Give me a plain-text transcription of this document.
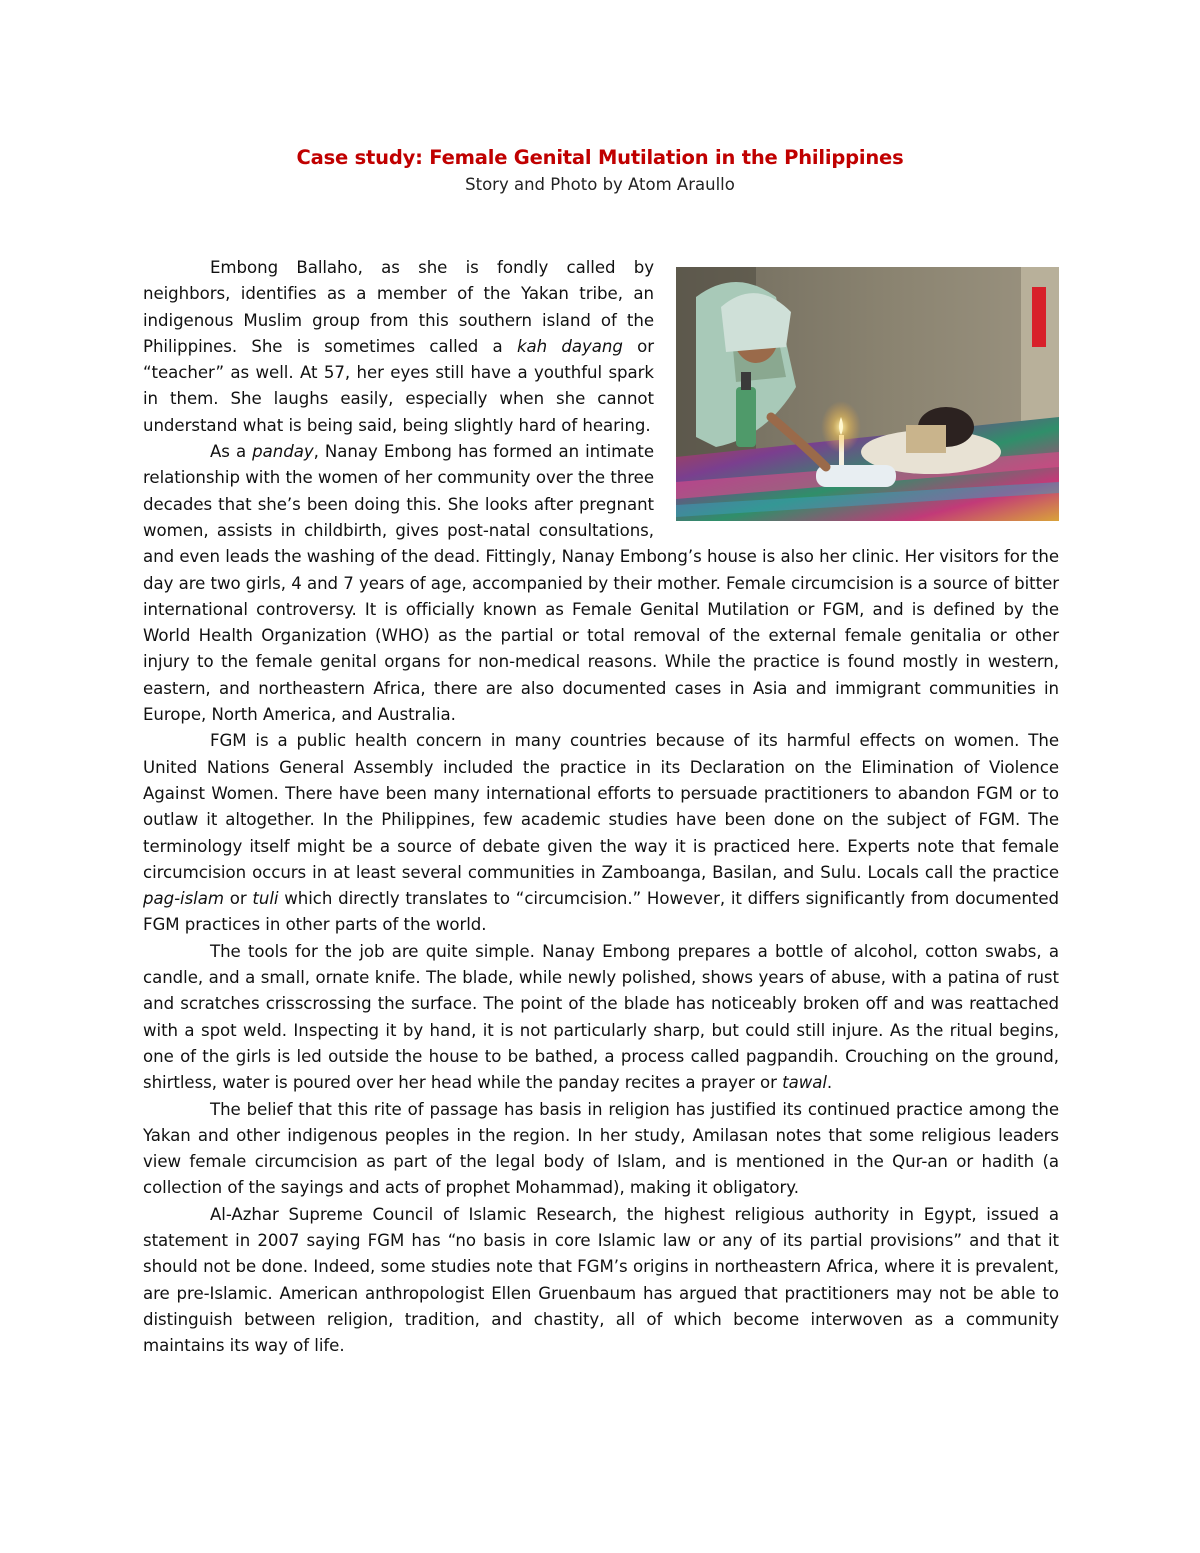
Case study: Female Genital Mutilation in the Philippines
Story and Photo by Atom Araullo

Embong Ballaho, as she is fondly called by neighbors, identifies as a member of the Yakan tribe, an indigenous Muslim group from this southern island of the Philippines. She is sometimes called a kah dayang or “teacher” as well. At 57, her eyes still have a youthful spark in them. She laughs easily, especially when she cannot understand what is being said, being slightly hard of hearing.

As a panday, Nanay Embong has formed an intimate relationship with the women of her community over the three decades that she’s been doing this. She looks after pregnant women, assists in childbirth, gives post-natal consultations, and even leads the washing of the dead. Fittingly, Nanay Embong’s house is also her clinic. Her visitors for the day are two girls, 4 and 7 years of age, accompanied by their mother. Female circumcision is a source of bitter international controversy. It is officially known as Female Genital Mutilation or FGM, and is defined by the World Health Organization (WHO) as the partial or total removal of the external female genitalia or other injury to the female genital organs for non-medical reasons. While the practice is found mostly in western, eastern, and northeastern Africa, there are also documented cases in Asia and immigrant communities in Europe, North America, and Australia.

FGM is a public health concern in many countries because of its harmful effects on women. The United Nations General Assembly included the practice in its Declaration on the Elimination of Violence Against Women. There have been many international efforts to persuade practitioners to abandon FGM or to outlaw it altogether. In the Philippines, few academic studies have been done on the subject of FGM. The terminology itself might be a source of debate given the way it is practiced here. Experts note that female circumcision occurs in at least several communities in Zamboanga, Basilan, and Sulu. Locals call the practice pag-islam or tuli which directly translates to “circumcision.” However, it differs significantly from documented FGM practices in other parts of the world.

The tools for the job are quite simple. Nanay Embong prepares a bottle of alcohol, cotton swabs, a candle, and a small, ornate knife. The blade, while newly polished, shows years of abuse, with a patina of rust and scratches crisscrossing the surface. The point of the blade has noticeably broken off and was reattached with a spot weld. Inspecting it by hand, it is not particularly sharp, but could still injure. As the ritual begins, one of the girls is led outside the house to be bathed, a process called pagpandih. Crouching on the ground, shirtless, water is poured over her head while the panday recites a prayer or tawal.

The belief that this rite of passage has basis in religion has justified its continued practice among the Yakan and other indigenous peoples in the region. In her study, Amilasan notes that some religious leaders view female circumcision as part of the legal body of Islam, and is mentioned in the Qur-an or hadith (a collection of the sayings and acts of prophet Mohammad), making it obligatory.

Al-Azhar Supreme Council of Islamic Research, the highest religious authority in Egypt, issued a statement in 2007 saying FGM has “no basis in core Islamic law or any of its partial provisions” and that it should not be done. Indeed, some studies note that FGM’s origins in northeastern Africa, where it is prevalent, are pre-Islamic. American anthropologist Ellen Gruenbaum has argued that practitioners may not be able to distinguish between religion, tradition, and chastity, all of which become interwoven as a community maintains its way of life.
